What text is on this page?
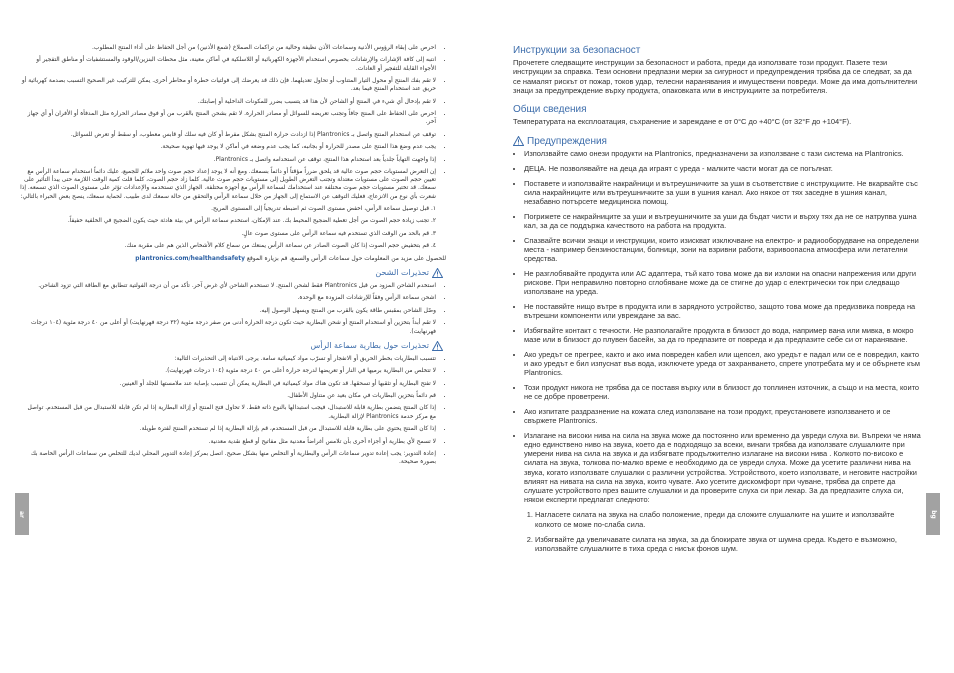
• احرص على إبقاء الرؤوس الأذنية وسماعات الأذن نظيفة وخالية من تراكمات الصملاخ (شمع الأذنين) من أجل الحفاظ على أداء المنتج المطلوب.
• انتبه إلى كافة الإشارات والإرشادات بخصوص استخدام الأجهزة الكهربائية أو اللاسلكية في أماكن معينة، مثل محطات البنزين/الوقود والمستشفيات أو مناطق التفجير أو الأجواء القابلة للتفجير أو العادات.
• لا تقم بفك المنتج أو محول التيار المتناوب أو تحاول تعديلهما. فإن ذلك قد يعرضك إلى فولتيات خطرة أو مخاطر أخرى. يمكن للتركيب غير الصحيح التسبب بصدمة كهربائية أو حريق عند استخدام المنتج فيما بعد.
• لا تقم بإدخال أي شيء في المنتج أو الشاحن لأن هذا قد يتسبب بضرر للمكونات الداخلية أو إصابتك.
• احرص على الحفاظ على المنتج جافاً وتجنب تعريضه للسوائل أو مصادر الحرارة. لا تقم بشحن المنتج بالقرب من أو فوق مصادر الحرارة مثل المدفأة أو الأفران أو أي جهاز آخر.
• توقف عن استخدام المنتج واتصل بـ Plantronics إذا ازدادت حرارة المنتج بشكل مفرط أو كان فيه سلك أو قابس معطوب، أو سقط أو تعرض للسوائل.
• يجب عدم وضع هذا المنتج على مصدر للحرارة أو بجانبه، كما يجب عدم وضعه في أماكن لا يوجد فيها تهوية صحيحة.
• إذا واجهت التهاباً جلدياً بعد استخدام هذا المنتج، توقف عن استخدامه واتصل بـ Plantronics.
• إن التعرض لمستويات حجم صوت عالية قد يلحق ضرراً مؤقتاً أو دائماً بسمعك. ومع أنه لا يوجد إعداد حجم صوت واحد ملائم للجميع، عليك دائماً استخدام سماعة الرأس مع تعيين حجم الصوت على مستويات معتدلة وتجنب التعرض الطويل إلى مستويات حجم صوت عالية. كلما زاد حجم الصوت، كلما قلت كمية الوقت اللازمة حتى يبدأ التأثير على سمعك. قد تختبر مستويات حجم صوت مختلفة عند استخدامك لسماعة الرأس مع أجهزة مختلفة. الجهاز الذي تستخدمه والإعدادات تؤثر على مستوى الصوت الذي تسمعه. إذا شعرت بأي نوع من الانزعاج، فعليك التوقف عن الاستماع إلى الجهاز من خلال سماعة الرأس والتحقق من حالة سمعك لدى طبيب. لحماية سمعك، ينصح بعض الخبراء بالتالي:
١. قبل توصيل سماعة الرأس، اخفض مستوى الصوت ثم اضبطه تدريجياً إلى المستوى المريح.
٢. تجنب زيادة حجم الصوت من أجل تغطية الضجيج المحيط بك. عند الإمكان، استخدم سماعة الرأس في بيئة هادئة حيث يكون الضجيج في الخلفية خفيفاً.
٣. قم بالحد من الوقت الذي تستخدم فيه سماعة الرأس على مستوى صوت عالٍ.
٤. قم بتخفيض حجم الصوت إذا كان الصوت الصادر عن سماعة الرأس يمنعك من سماع كلام الأشخاص الذين هم على مقربة منك.

للحصول على مزيد من المعلومات حول سماعات الرأس والسمع، قم بزيارة الموقع plantronics.com/healthandsafety

تحذيرات الشحن
• استخدم الشاحن المزود من قبل Plantronics فقط لشحن المنتج. لا تستخدم الشاحن لأي غرض آخر. تأكد من أن درجة الفولتية تتطابق مع الطاقة التي تزود الشاحن.
• اشحن سماعة الرأس وفقاً للإرشادات المزودة مع الوحدة.
• وصّل الشاحن بمقبس طاقة يكون بالقرب من المنتج ويسهل الوصول إليه.
• لا تقم أبداً بتخزين أو استخدام المنتج أو شحن البطارية حيث تكون درجة الحرارة أدنى من صفر درجة مئوية (٣٢ درجة فهرنهايت) أو أعلى من ٤٠ درجة مئوية (١٠٤ درجات فهرنهايت).
تحذيرات حول بطارية سماعة الرأس
• تتسبب البطاريات بخطر الحريق أو الانفجار أو تسرّب مواد كيميائية سامة. يرجى الانتباه إلى التحذيرات التالية:
• لا تتخلص من البطارية برميها في النار أو تعريضها لدرجة حرارة أعلى من ٤٠ درجة مئوية (١٠٤ درجات فهرنهايت).
• لا تفتح البطارية أو تثقبها أو تسحقها. قد تكون هناك مواد كيميائية في البطارية يمكن أن تتسبب بإصابة عند ملامستها للجلد أو العينين.
• قم دائماً بتخزين البطاريات في مكان بعيد عن متناول الأطفال.
• إذا كان المنتج يتضمن بطارية قابلة للاستبدال، فيجب استبدالها بالنوع ذاته فقط. لا تحاول فتح المنتج أو إزالة البطارية إذا لم تكن قابلة للاستبدال من قبل المستخدم. تواصل مع مركز خدمة Plantronics لإزالة البطارية.
• إذا كان المنتج يحتوي على بطارية قابلة للاستبدال من قبل المستخدم، قم بإزالة البطارية إذا لم تستخدم المنتج لفترة طويلة.
• لا تسمح لأي بطارية أو أجزاء أخرى بأن تلامس أغراضاً معدنية مثل مفاتيح أو قطع نقدية معدنية.
• إعادة التدوير: يجب إعادة تدوير سماعات الرأس والبطارية أو التخلص منها بشكل صحيح. اتصل بمركز إعادة التدوير المحلي لديك للتخلص من سماعات الرأس الخاصة بك بصورة صحيحة.
ar
Инструкции за безопасност

Прочетете следващите инструкции за безопасност и работа, преди да използвате този продукт. Пазете тези инструкции за справка. Тези основни предпазни мерки за сигурност и предупреждения трябва да се следват, за да се намалят рискът от пожар, токов удар, телесни наранявания и имуществени повреди. Може да има допълнителни знаци за предупреждение върху продукта, опаковката или в инструкциите за потребителя.

Общи сведения

Температурата на експлоатация, съхранение и зареждане е от 0°C до +40°C (от 32°F до +104°F).

Предупреждения
• Използвайте само онези продукти на Plantronics, предназначени за използване с тази система на Plantronics.
• ДЕЦА. Не позволявайте на деца да играят с уреда - малките части могат да се погълнат.
• Поставете и използвайте накрайници и вътреушничките за уши в съответствие с инструкциите. Не вкарвайте със сила накрайниците или вътреушничките за уши в ушния канал. Ако някое от тях заседне в ушния канал, незабавно потърсете медицинска помощ.
• Погрижете се накрайниците за уши и вътреушничките за уши да бъдат чисти и върху тях да не се натрупва ушна кал, за да се поддържа качеството на работа на продукта.
• Спазвайте всички знаци и инструкции, които изискват изключване на електро- и радиооборудване на определени места - например бензиностанции, болници, зони на взривни работи, взривоопасна атмосфера или летателни средства.
• Не разглобявайте продукта или AC адаптера, тъй като това може да ви изложи на опасни напрежения или други рискове. При неправилно повторно сглобяване може да се стигне до удар с електрически ток при следващо използване на уреда.
• Не поставяйте нищо вътре в продукта или в зарядното устройство, защото това може да предизвика повреда на вътрешни компоненти или увреждане за вас.
• Избягвайте контакт с течности. Не разполагайте продукта в близост до вода, например вана или мивка, в мокро мазе или в близост до плувен басейн, за да го предпазите от повреда и да предпазите себе си от нараняване.
• Ако уредът се прегрее, както и ако има повреден кабел или щепсел, ако уредът е падал или се е повредил, както и ако уредът е бил изпуснат във вода, изключете уреда от захранването, спрете употребата му и се обърнете към Plantronics.
• Този продукт никога не трябва да се поставя върху или в близост до топлинен източник, а също и на места, които не се добре проветрени.
• Ако изпитате раздразнение на кожата след използване на този продукт, преустановете използването и се свържете Plantronics.
• Излагане на високи нива на сила на звука може да постоянно или временно да увреди слуха ви. Въпреки че няма едно единствено ниво на звука, което да е подходящо за всеки, винаги трябва да използвате слушалките при умерени нива на сила на звука и да избягвате продължително излагане на високи нива . Колкото по-високо е силата на звука, толкова по-малко време е необходимо да се увреди слуха. Може да усетите различни нива на звука, когато използвате слушалки с различни устройства. Устройството, което използвате, и неговите настройки влияят на нивата на сила на звука, които чувате. Ако усетите дискомфорт при чуване, трябва да спрете да слушате устройството през вашите слушалки и да проверите слуха си при лекар. За да предпазите слуха си, някои експерти предлагат следното:
1. Нагласете силата на звука на слабо положение, преди да сложите слушалките на ушите и използвайте колкото се може по-слаба сила.
2. Избягвайте да увеличавате силата на звука, за да блокирате звука от шумна среда. Където е възможно, използвайте слушалките в тиха среда с нисък фонов шум.
bg
